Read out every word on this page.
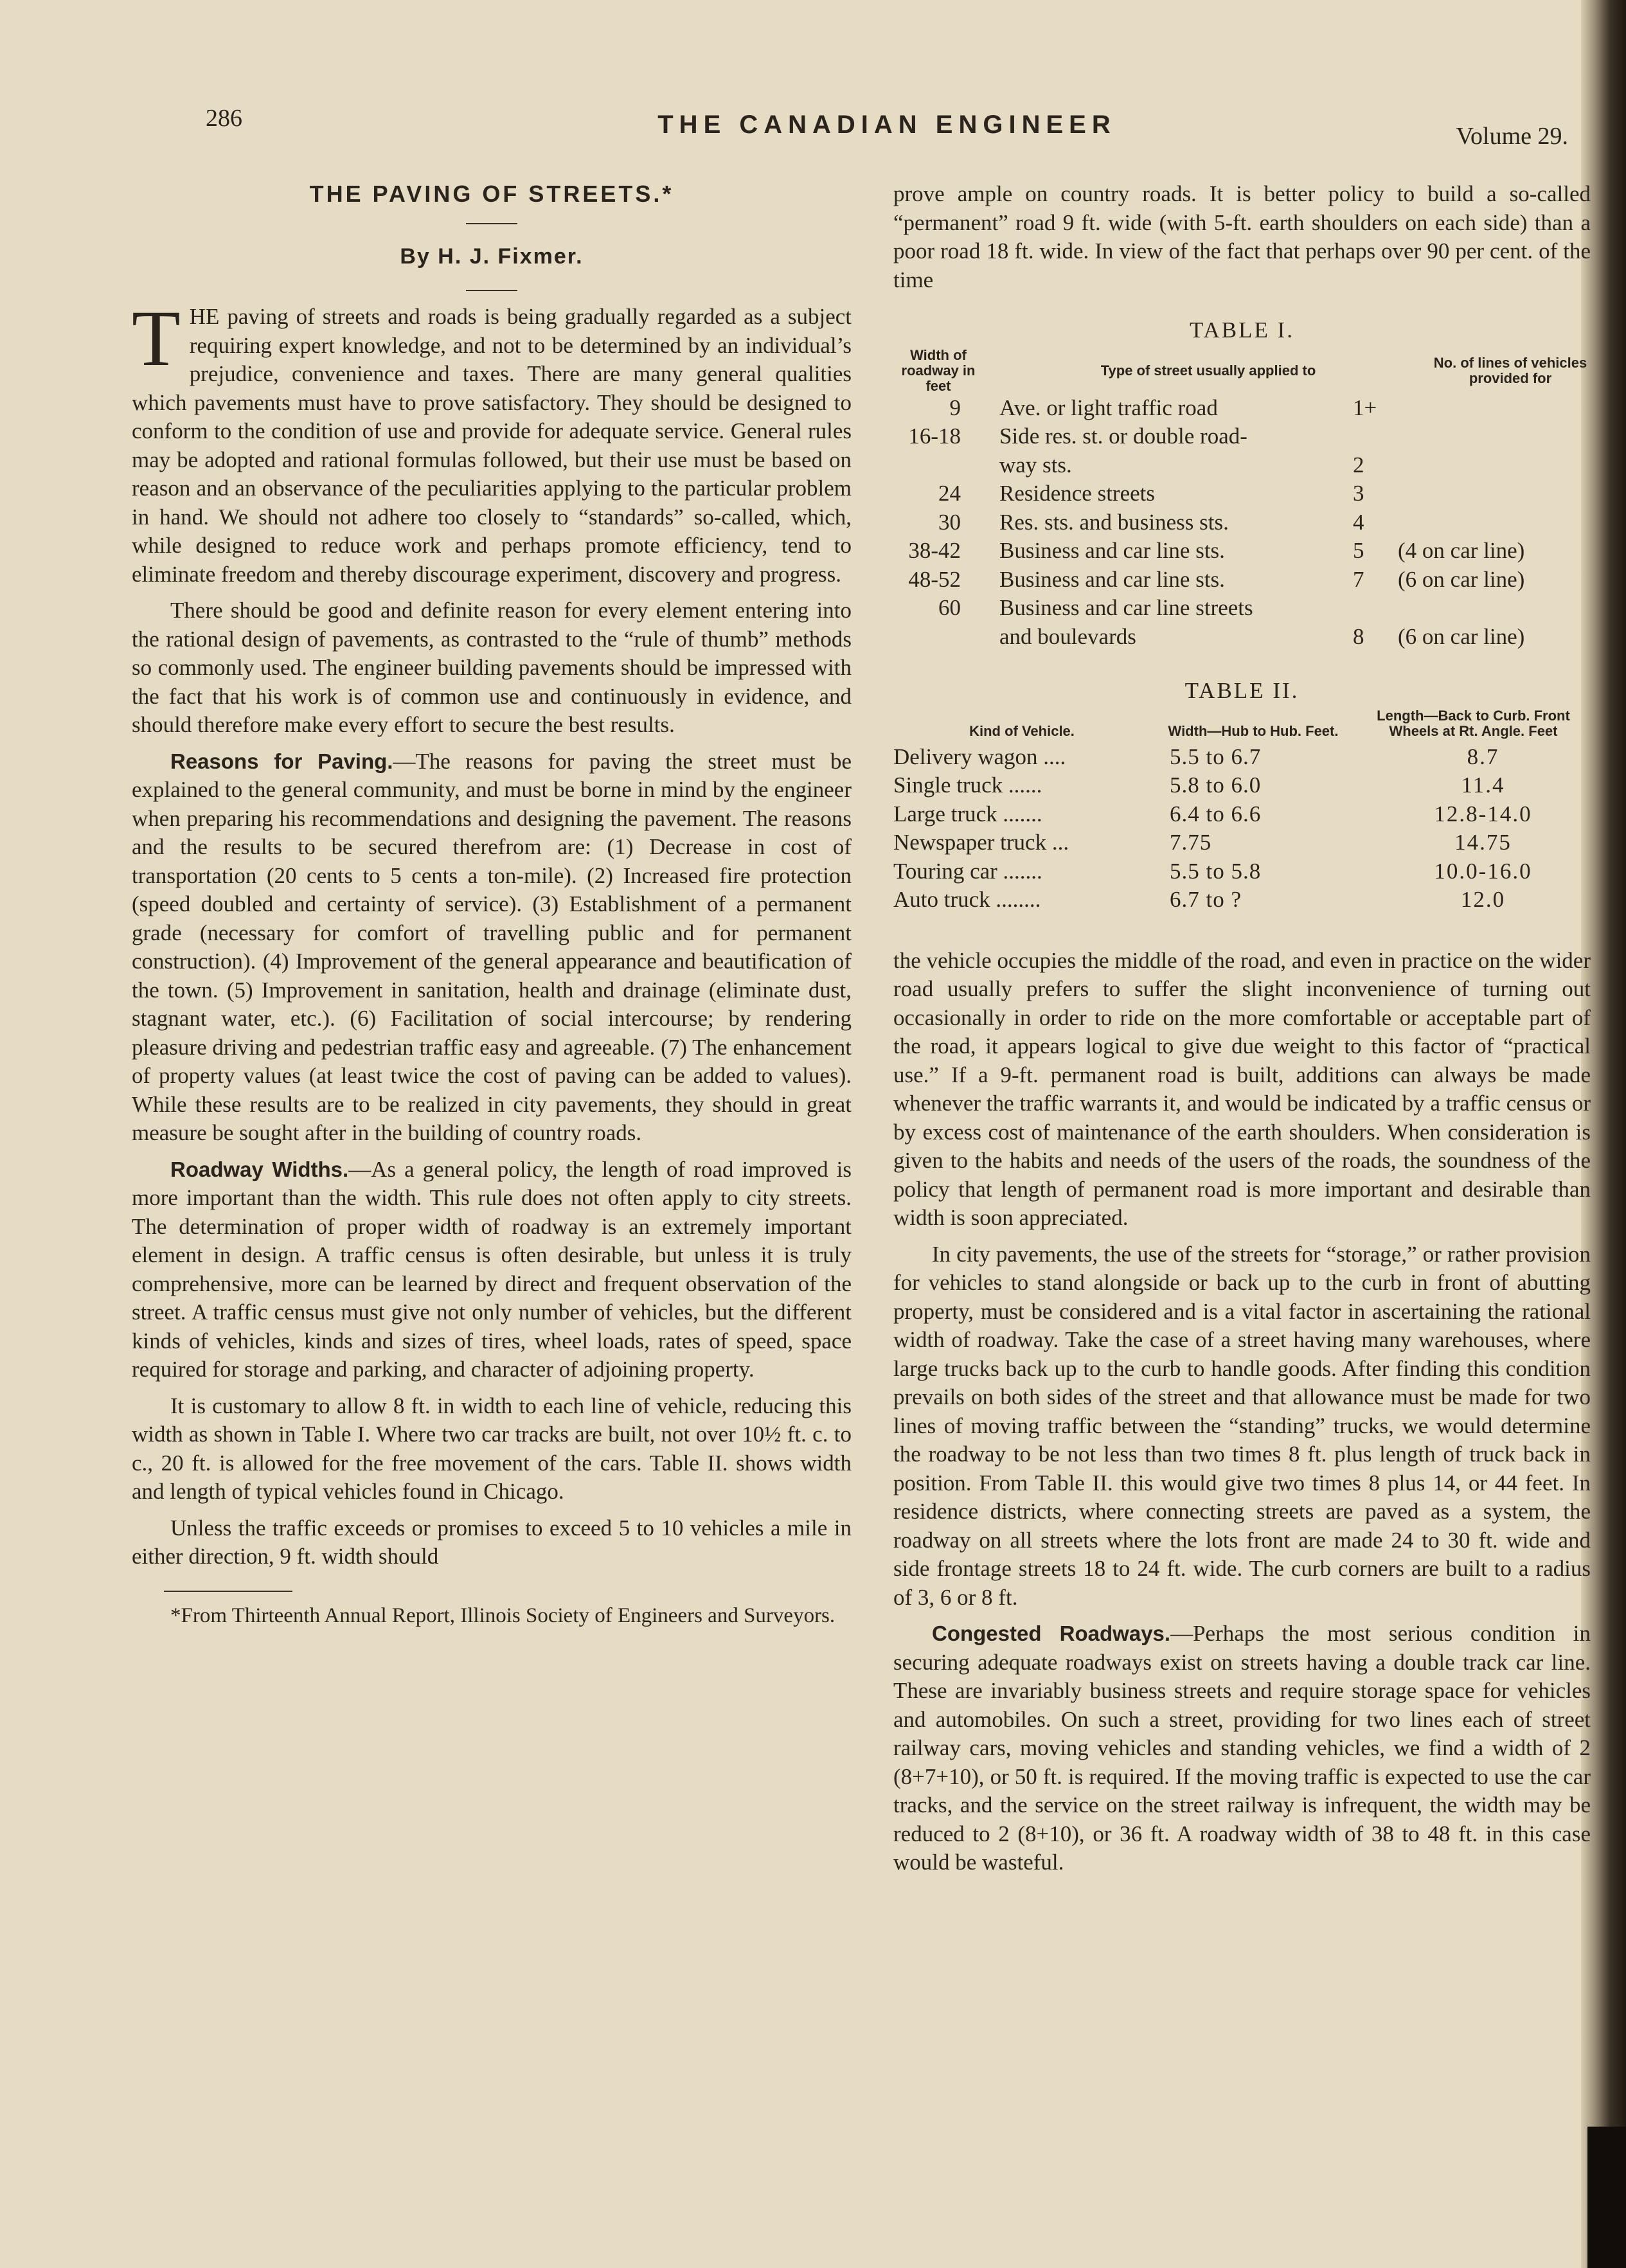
286	THE CANADIAN ENGINEER	Volume 29.
THE PAVING OF STREETS.*
By H. J. Fixmer.

THE paving of streets and roads is being gradually regarded as a subject requiring expert knowledge, and not to be determined by an individual’s prejudice, convenience and taxes. There are many general qualities which pavements must have to prove satisfactory. They should be designed to conform to the condition of use and provide for adequate service. General rules may be adopted and rational formulas followed, but their use must be based on reason and an observance of the peculiarities applying to the particular problem in hand. We should not adhere too closely to “standards” so-called, which, while designed to reduce work and perhaps promote efficiency, tend to eliminate freedom and thereby discourage experiment, discovery and progress.

There should be good and definite reason for every element entering into the rational design of pavements, as contrasted to the “rule of thumb” methods so commonly used. The engineer building pavements should be impressed with the fact that his work is of common use and continuously in evidence, and should therefore make every effort to secure the best results.

Reasons for Paving.—The reasons for paving the street must be explained to the general community, and must be borne in mind by the engineer when preparing his recommendations and designing the pavement. The reasons and the results to be secured therefrom are: (1) Decrease in cost of transportation (20 cents to 5 cents a ton-mile). (2) Increased fire protection (speed doubled and certainty of service). (3) Establishment of a permanent grade (necessary for comfort of travelling public and for permanent construction). (4) Improvement of the general appearance and beautification of the town. (5) Improvement in sanitation, health and drainage (eliminate dust, stagnant water, etc.). (6) Facilitation of social intercourse; by rendering pleasure driving and pedestrian traffic easy and agreeable. (7) The enhancement of property values (at least twice the cost of paving can be added to values). While these results are to be realized in city pavements, they should in great measure be sought after in the building of country roads.

Roadway Widths.—As a general policy, the length of road improved is more important than the width. This rule does not often apply to city streets. The determination of proper width of roadway is an extremely important element in design. A traffic census is often desirable, but unless it is truly comprehensive, more can be learned by direct and frequent observation of the street. A traffic census must give not only number of vehicles, but the different kinds of vehicles, kinds and sizes of tires, wheel loads, rates of speed, space required for storage and parking, and character of adjoining property.

It is customary to allow 8 ft. in width to each line of vehicle, reducing this width as shown in Table I. Where two car tracks are built, not over 10½ ft. c. to c., 20 ft. is allowed for the free movement of the cars. Table II. shows width and length of typical vehicles found in Chicago.

Unless the traffic exceeds or promises to exceed 5 to 10 vehicles a mile in either direction, 9 ft. width should

*From Thirteenth Annual Report, Illinois Society of Engineers and Surveyors.

prove ample on country roads. It is better policy to build a so-called “permanent” road 9 ft. wide (with 5-ft. earth shoulders on each side) than a poor road 18 ft. wide. In view of the fact that perhaps over 90 per cent. of the time

TABLE I.
Width of roadway in feet
Type of street usually applied to	No. of lines of vehicles provided for
9	Ave. or light traffic road	1+
16-18	Side res. st. or double road-
way sts.	2
24	Residence streets	3
30	Res. sts. and business sts.	4
38-42	Business and car line sts.	5	(4 on car line)
48-52	Business and car line sts.	7	(6 on car line)
60	Business and car line streets
and boulevards	8	(6 on car line)
TABLE II.
Kind of Vehicle.	Width—Hub to Hub. Feet.
Length—Back to Curb. Front Wheels at Rt. Angle. Feet
Delivery wagon ....	5.5 to 6.7	8.7
Single truck ......	5.8 to 6.0	11.4
Large truck .......	6.4 to 6.6	12.8-14.0
Newspaper truck ...	7.75	14.75
Touring car .......	5.5 to 5.8	10.0-16.0
Auto truck ........	6.7 to ?	12.0

the vehicle occupies the middle of the road, and even in practice on the wider road usually prefers to suffer the slight inconvenience of turning out occasionally in order to ride on the more comfortable or acceptable part of the road, it appears logical to give due weight to this factor of “practical use.” If a 9-ft. permanent road is built, additions can always be made whenever the traffic warrants it, and would be indicated by a traffic census or by excess cost of maintenance of the earth shoulders. When consideration is given to the habits and needs of the users of the roads, the soundness of the policy that length of permanent road is more important and desirable than width is soon appreciated.

In city pavements, the use of the streets for “storage,” or rather provision for vehicles to stand alongside or back up to the curb in front of abutting property, must be considered and is a vital factor in ascertaining the rational width of roadway. Take the case of a street having many warehouses, where large trucks back up to the curb to handle goods. After finding this condition prevails on both sides of the street and that allowance must be made for two lines of moving traffic between the “standing” trucks, we would determine the roadway to be not less than two times 8 ft. plus length of truck back in position. From Table II. this would give two times 8 plus 14, or 44 feet. In residence districts, where connecting streets are paved as a system, the roadway on all streets where the lots front are made 24 to 30 ft. wide and side frontage streets 18 to 24 ft. wide. The curb corners are built to a radius of 3, 6 or 8 ft.

Congested Roadways.—Perhaps the most serious condition in securing adequate roadways exist on streets having a double track car line. These are invariably business streets and require storage space for vehicles and automobiles. On such a street, providing for two lines each of street railway cars, moving vehicles and standing vehicles, we find a width of 2 (8+7+10), or 50 ft. is required. If the moving traffic is expected to use the car tracks, and the service on the street railway is infrequent, the width may be reduced to 2 (8+10), or 36 ft. A roadway width of 38 to 48 ft. in this case would be wasteful.
